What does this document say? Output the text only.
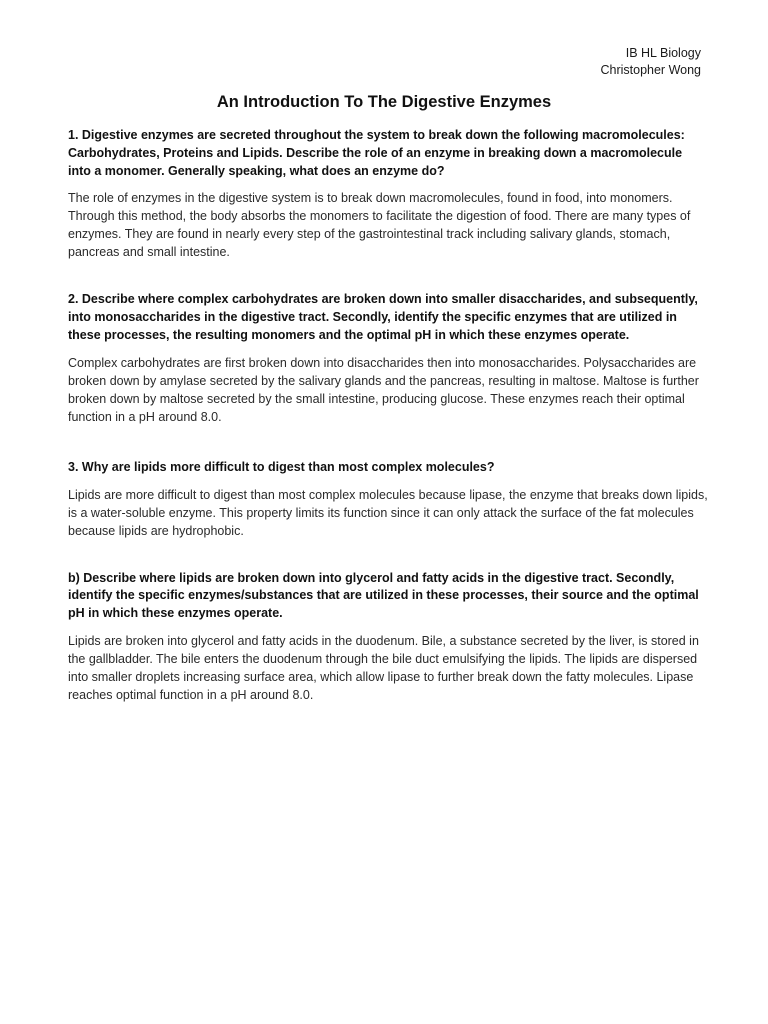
IB HL Biology
Christopher Wong
An Introduction To The Digestive Enzymes

1. Digestive enzymes are secreted throughout the system to break down the following macromolecules: Carbohydrates, Proteins and Lipids. Describe the role of an enzyme in breaking down a macromolecule into a monomer. Generally speaking, what does an enzyme do?

The role of enzymes in the digestive system is to break down macromolecules, found in food, into monomers. Through this method, the body absorbs the monomers to facilitate the digestion of food. There are many types of enzymes. They are found in nearly every step of the gastrointestinal track including salivary glands, stomach, pancreas and small intestine.

2. Describe where complex carbohydrates are broken down into smaller disaccharides, and subsequently, into monosaccharides in the digestive tract. Secondly, identify the specific enzymes that are utilized in these processes, the resulting monomers and the optimal pH in which these enzymes operate.

Complex carbohydrates are first broken down into disaccharides then into monosaccharides. Polysaccharides are broken down by amylase secreted by the salivary glands and the pancreas, resulting in maltose. Maltose is further broken down by maltose secreted by the small intestine, producing glucose. These enzymes reach their optimal function in a pH around 8.0.

3. Why are lipids more difficult to digest than most complex molecules?

Lipids are more difficult to digest than most complex molecules because lipase, the enzyme that breaks down lipids, is a water-soluble enzyme. This property limits its function since it can only attack the surface of the fat molecules because lipids are hydrophobic.

b) Describe where lipids are broken down into glycerol and fatty acids in the digestive tract. Secondly, identify the specific enzymes/substances that are utilized in these processes, their source and the optimal pH in which these enzymes operate.

Lipids are broken into glycerol and fatty acids in the duodenum. Bile, a substance secreted by the liver, is stored in the gallbladder. The bile enters the duodenum through the bile duct emulsifying the lipids. The lipids are dispersed into smaller droplets increasing surface area, which allow lipase to further break down the fatty molecules. Lipase reaches optimal function in a pH around 8.0.
